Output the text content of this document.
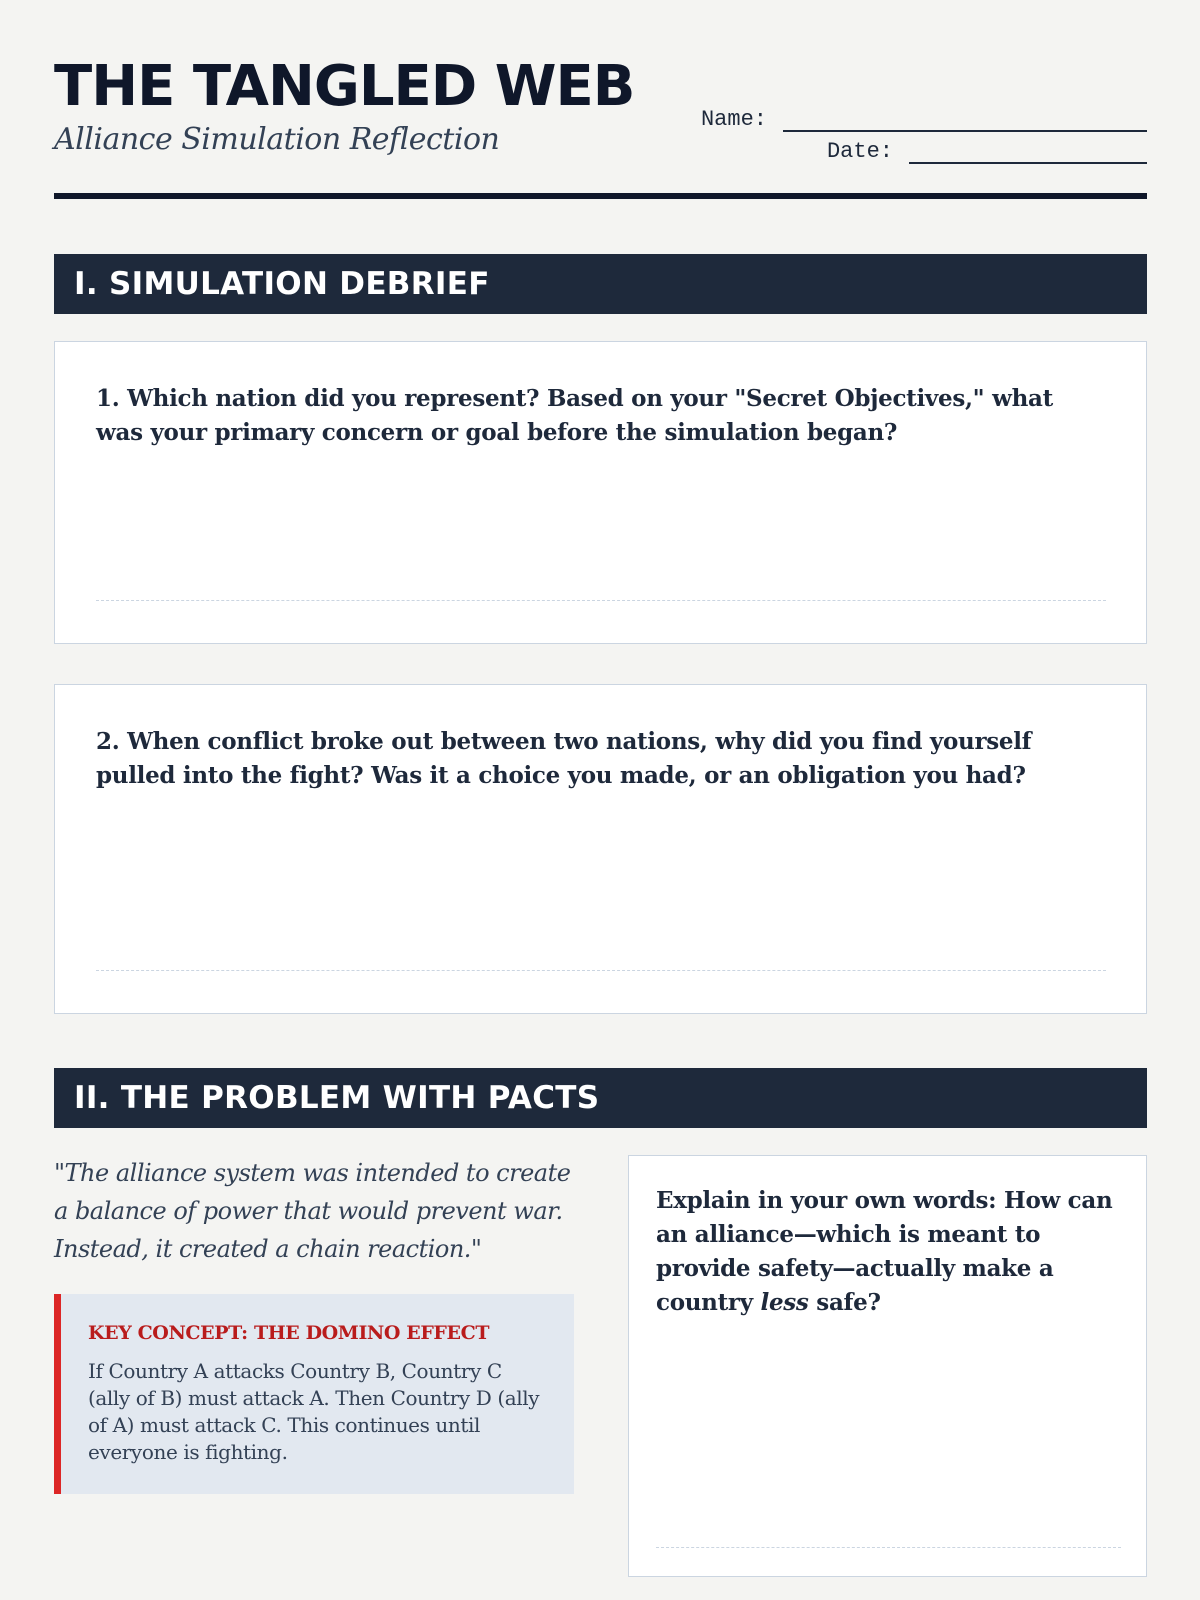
THE TANGLED WEB
Alliance Simulation Reflection
Name:
Date:
I. SIMULATION DEBRIEF
1. Which nation did you represent? Based on your "Secret Objectives," what was your primary concern or goal before the simulation began?
2. When conflict broke out between two nations, why did you find yourself pulled into the fight? Was it a choice you made, or an obligation you had?
II. THE PROBLEM WITH PACTS
"The alliance system was intended to create a balance of power that would prevent war. Instead, it created a chain reaction."
KEY CONCEPT: THE DOMINO EFFECT
If Country A attacks Country B, Country C (ally of B) must attack A. Then Country D (ally of A) must attack C. This continues until everyone is fighting.
Explain in your own words: How can an alliance—which is meant to provide safety—actually make a country less safe?
